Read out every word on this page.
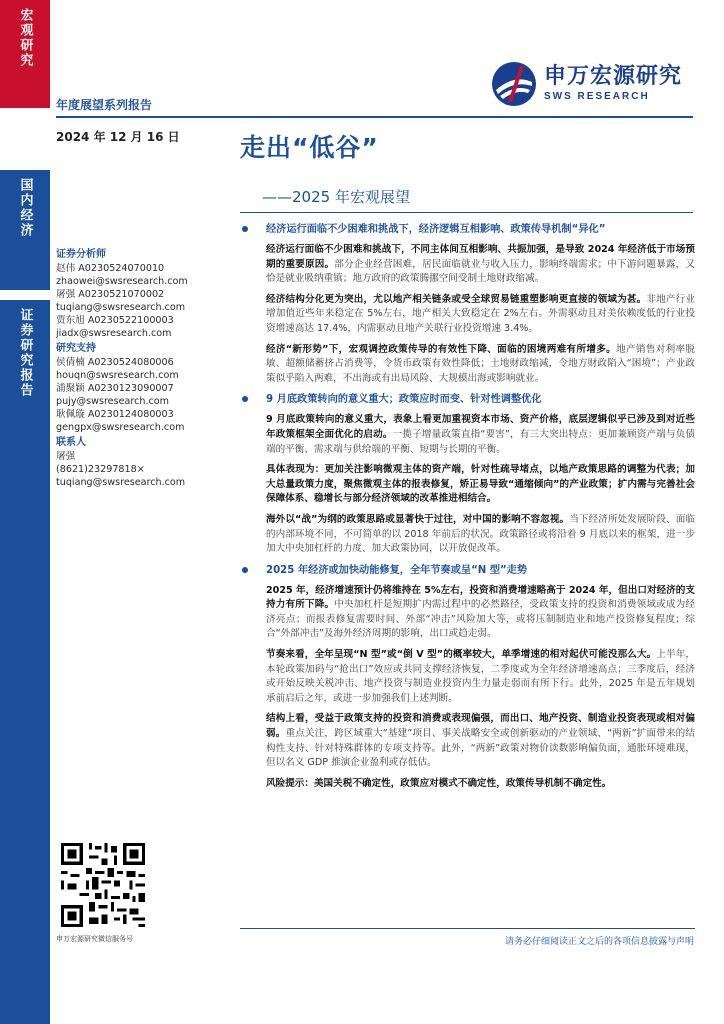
宏观研究
国内经济
证券研究报告
申万宏源研究
SWS RESEARCH
年度展望系列报告
2024 年 12 月 16 日 走出“低谷”
——2025 年宏观展望
证券分析师
赵伟 A0230524070010
zhaowei@swsresearch.com
屠强 A0230521070002
tuqiang@swsresearch.com
贾东旭 A0230522100003
jiadx@swsresearch.com
研究支持
侯倩楠 A0230524080006
houqn@swsresearch.com
浦聚颖 A0230123090007
pujy@swsresearch.com
耿佩璇 A0230124080003
gengpx@swsresearch.com
联系人
屠强
(8621)23297818×
tuqiang@swsresearch.com
申万宏源研究微信服务号
经济运行面临不少困难和挑战下，经济逻辑互相影响、政策传导机制“异化”

经济运行面临不少困难和挑战下，不同主体间互相影响、共振加强，是导致 2024 年经济低于市场预期的重要原因。部分企业经营困难，居民面临就业与收入压力，影响终端需求；中下游问题暴露，又恰是就业吸纳重镇；地方政府的政策腾挪空间受制土地财政缩减。

经济结构分化更为突出，尤以地产相关链条或受全球贸易链重塑影响更直接的领域为甚。非地产行业增加值近些年来稳定在 5%左右，地产相关大致稳定在 2%左右。外需驱动且对美依赖度低的行业投资增速高达 17.4%，内需驱动且地产关联行业投资增速 3.4%。

经济“新形势”下，宏观调控政策传导的有效性下降、面临的困境两难有所增多。地产销售对利率脱敏、超额储蓄挤占消费等，令货币政策有效性降低；土地财政缩减，令地方财政陷入“困境”；产业政策似乎陷入两难，不出海或有出局风险、大规模出海或影响就业。

9 月底政策转向的意义重大；政策应时而变、针对性调整优化

9 月底政策转向的意义重大，表象上看更加重视资本市场、资产价格，底层逻辑似乎已涉及到对近些年政策框架全面优化的启动。一揽子增量政策直指“要害”，有三大突出特点：更加兼顾资产端与负债端的平衡、需求端与供给端的平衡、短期与长期的平衡。

具体表现为：更加关注影响微观主体的资产端，针对性疏导堵点，以地产政策思路的调整为代表；加大总量政策力度，聚焦微观主体的报表修复，矫正易导致“通缩倾向”的产业政策；扩内需与完善社会保障体系、稳增长与部分经济领域的改革推进相结合。

海外以“战”为纲的政策思路或显著快于过往，对中国的影响不容忽视。当下经济所处发展阶段、面临的内部环境不同，不可简单的以 2018 年前后的状况。政策路径或将沿着 9 月底以来的框架，进一步加大中央加杠杆的力度、加大政策协同，以开放促改革。

2025 年经济或加快动能修复，全年节奏或呈“N 型”走势

2025 年，经济增速预计仍将维持在 5%左右，投资和消费增速略高于 2024 年，但出口对经济的支持力有所下降。中央加杠杆是短期扩内需过程中的必然路径，受政策支持的投资和消费领域或成为经济亮点；而报表修复需要时间、外部“冲击”风险加大等，或将压制制造业和地产投资修复程度；综合“外部冲击”及海外经济周期的影响，出口或趋走弱。

节奏来看，全年呈现“N 型”或“倒 V 型”的概率较大，单季增速的相对起伏可能没那么大。上半年，本轮政策加码与“抢出口”效应或共同支撑经济恢复，二季度或为全年经济增速高点；三季度后，经济或开始反映关税冲击、地产投资与制造业投资内生力量走弱而有所下行。此外，2025 年是五年规划承前启后之年，或进一步加强我们上述判断。

结构上看，受益于政策支持的投资和消费或表现偏强，而出口、地产投资、制造业投资表现或相对偏弱。重点关注，跨区域重大“基建”项目、事关战略安全或创新驱动的产业领域、“两新”扩面带来的结构性支持、针对特殊群体的专项支持等。此外，“两新”政策对物价读数影响偏负面，通胀环境难现，但以名义 GDP 推演企业盈利或存低估。

风险提示：美国关税不确定性，政策应对模式不确定性，政策传导机制不确定性。

请务必仔细阅读正文之后的各项信息披露与声明
